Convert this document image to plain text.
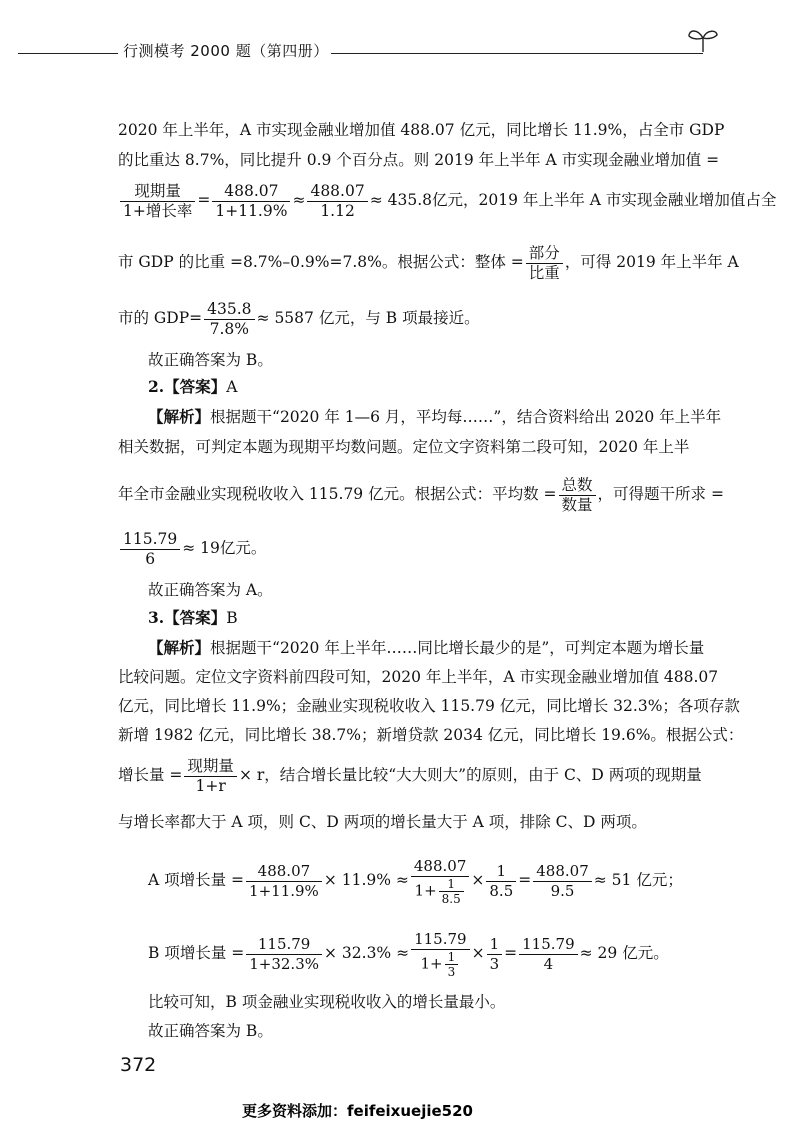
行测模考 2000 题（第四册）
2020 年上半年，A 市实现金融业增加值 488.07 亿元，同比增长 11.9%，占全市 GDP
的比重达 8.7%，同比提升 0.9 个百分点。则 2019 年上半年 A 市实现金融业增加值 =
$\frac{\text{现期量}}{\text{1+增长率}} = \frac{488.07}{1+11.9\%} \approx \frac{488.07}{1.12} \approx 435.8$亿元，2019 年上半年 A 市实现金融业增加值占全
市 GDP 的比重 =8.7%–0.9%=7.8%。根据公式：整体 = $\frac{\text{部分}}{\text{比重}}$ ，可得 2019 年上半年 A
市的 $GDP= \frac{435.8}{7.8\%} \approx 5587$ 亿元，与 B 项最接近。
故正确答案为 B。
2.【答案】A
【解析】根据题干“2020 年 1—6 月，平均每……”，结合资料给出 2020 年上半年
相关数据，可判定本题为现期平均数问题。定位文字资料第二段可知，2020 年上半
年全市金融业实现税收收入 115.79 亿元。根据公式：平均数 = $\frac{\text{总数}}{\text{数量}}$ ，可得题干所求 =
$\frac{115.79}{6} \approx 19$亿元。
故正确答案为 A。
3.【答案】B
【解析】根据题干“2020 年上半年……同比增长最少的是”，可判定本题为增长量
比较问题。定位文字资料前四段可知，2020 年上半年，A 市实现金融业增加值 488.07
亿元，同比增长 11.9%；金融业实现税收收入 115.79 亿元，同比增长 32.3%；各项存款
新增 1982 亿元，同比增长 38.7%；新增贷款 2034 亿元，同比增长 19.6%。根据公式：
增长量 = $\frac{\text{现期量}}{1+r} \times r$，结合增长量比较“大大则大”的原则，由于 C、D 两项的现期量
与增长率都大于 A 项，则 C、D 两项的增长量大于 A 项，排除 C、D 两项。
A 项增长量 = $\frac{488.07}{1+11.9\%} \times 11.9\% \approx \frac{488.07}{1+ \frac{1}{8.5}} \times \frac{1}{8.5} = \frac{488.07}{9.5} \approx 51$ 亿元；
B 项增长量 = $\frac{115.79}{1+32.3\%} \times 32.3\% \approx \frac{115.79}{1+ \frac{1}{3}} \times \frac{1}{3} = \frac{115.79}{4} \approx 29$ 亿元。
比较可知，B 项金融业实现税收收入的增长量最小。
故正确答案为 B。
372
更多资料添加：feifeixuejie520
